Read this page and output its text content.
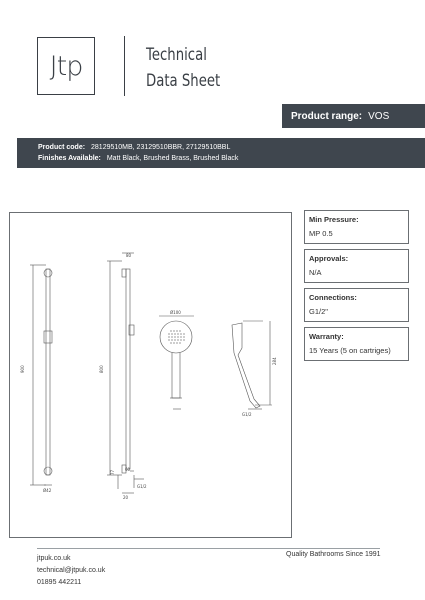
Jtp	Technical
Data Sheet
Product range: VOS
Product code: 28129510MB, 23129510BBR, 27129510BBL
Finishes Available: Matt Black, Brushed Brass, Brushed Black
900
Ø42
800
80
77
20
G1/2
Ø100
60
284
G1/2
Min Pressure:
MP 0.5
Approvals:
N/A
Connections:
G1/2"
Warranty:
15 Years (5 on cartriges)
jtpuk.co.uk
technical@jtpuk.co.uk
01895 442211
Quality Bathrooms Since 1991
